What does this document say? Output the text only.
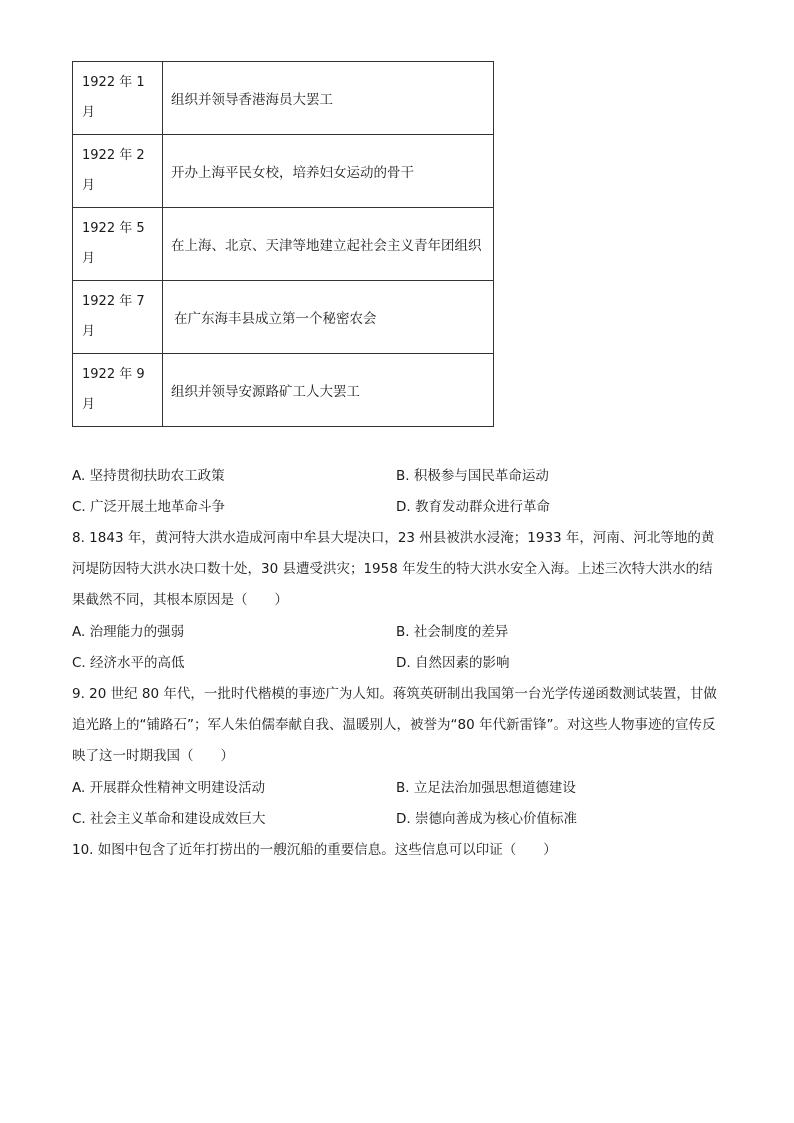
1922 年 1 月	组织并领导香港海员大罢工

1922 年 2 月	开办上海平民女校，培养妇女运动的骨干

1922 年 5 月	在上海、北京、天津等地建立起社会主义青年团组织

1922 年 7 月	在广东海丰县成立第一个秘密农会

1922 年 9 月	组织并领导安源路矿工人大罢工
A. 坚持贯彻扶助农工政策	B. 积极参与国民革命运动
C. 广泛开展土地革命斗争	D. 教育发动群众进行革命
8. 1843 年，黄河特大洪水造成河南中牟县大堤决口，23 州县被洪水浸淹；1933 年，河南、河北等地的黄河堤防因特大洪水决口数十处，30 县遭受洪灾；1958 年发生的特大洪水安全入海。上述三次特大洪水的结果截然不同，其根本原因是（　　）
A. 治理能力的强弱	B. 社会制度的差异
C. 经济水平的高低	D. 自然因素的影响
9. 20 世纪 80 年代，一批时代楷模的事迹广为人知。蒋筑英研制出我国第一台光学传递函数测试装置，甘做追光路上的“铺路石”；军人朱伯儒奉献自我、温暖别人，被誉为“80 年代新雷锋”。对这些人物事迹的宣传反映了这一时期我国（　　）
A. 开展群众性精神文明建设活动	B. 立足法治加强思想道德建设
C. 社会主义革命和建设成效巨大	D. 崇德向善成为核心价值标准
10. 如图中包含了近年打捞出的一艘沉船的重要信息。这些信息可以印证（　　）
